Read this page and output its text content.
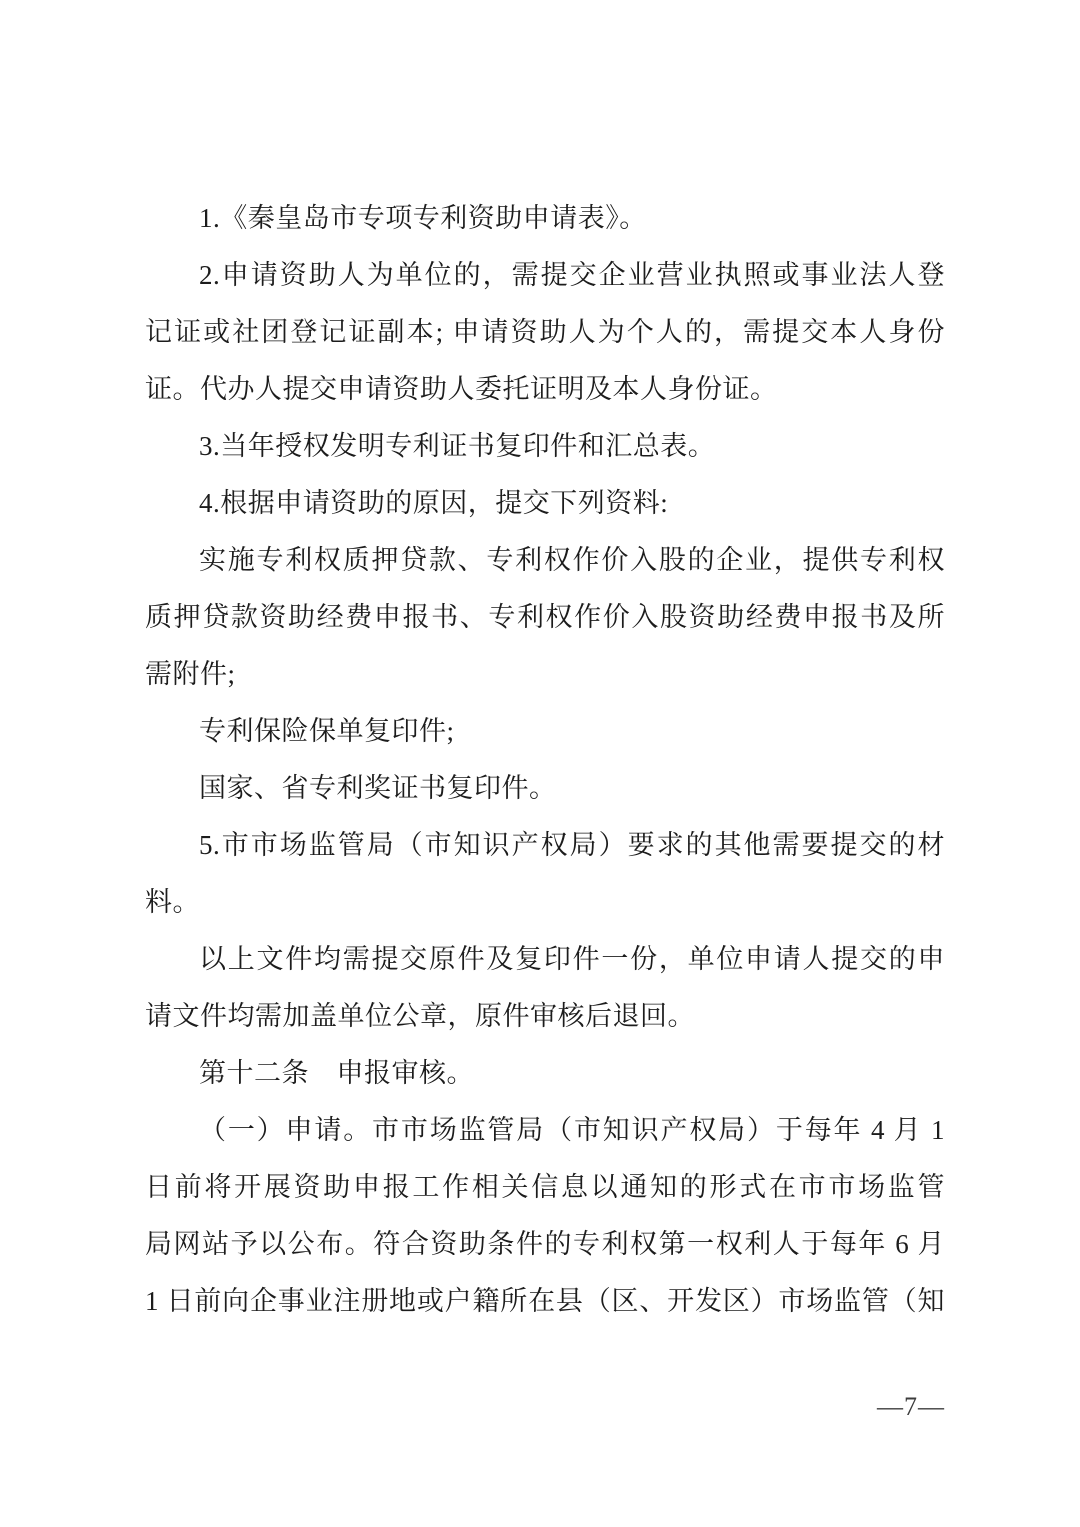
1.《秦皇岛市专项专利资助申请表》。
2.申请资助人为单位的，需提交企业营业执照或事业法人登
记证或社团登记证副本; 申请资助人为个人的，需提交本人身份
证。代办人提交申请资助人委托证明及本人身份证。
3.当年授权发明专利证书复印件和汇总表。
4.根据申请资助的原因，提交下列资料:
实施专利权质押贷款、专利权作价入股的企业，提供专利权
质押贷款资助经费申报书、专利权作价入股资助经费申报书及所
需附件;
专利保险保单复印件;
国家、省专利奖证书复印件。
5.市市场监管局（市知识产权局）要求的其他需要提交的材
料。
以上文件均需提交原件及复印件一份，单位申请人提交的申
请文件均需加盖单位公章，原件审核后退回。
第十二条　申报审核。
（一）申请。市市场监管局（市知识产权局）于每年 4 月 1
日前将开展资助申报工作相关信息以通知的形式在市市场监管
局网站予以公布。符合资助条件的专利权第一权利人于每年 6 月
1 日前向企事业注册地或户籍所在县（区、开发区）市场监管（知
—7—
